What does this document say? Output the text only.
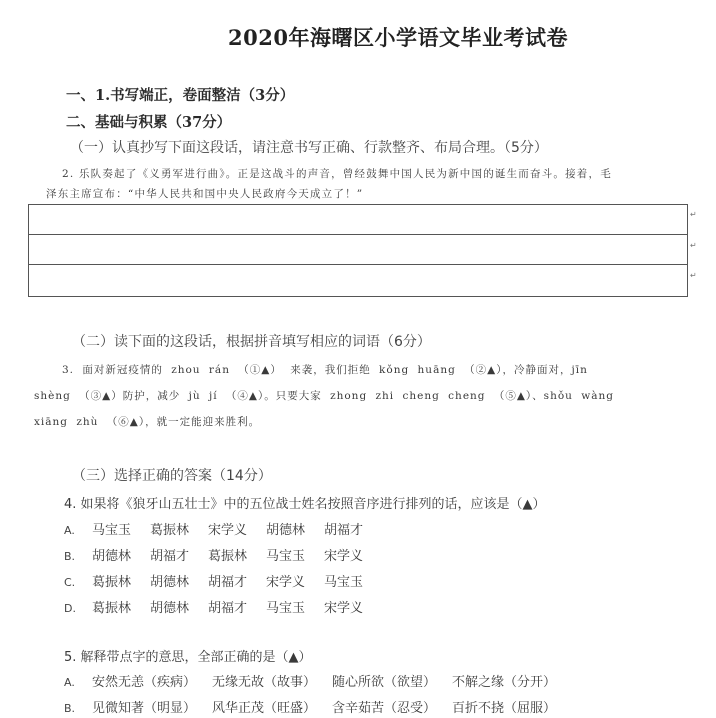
2020年海曙区小学语文毕业考试卷
一、1.书写端正，卷面整洁（3分）
二、基础与积累（37分）
（一）认真抄写下面这段话，请注意书写正确、行款整齐、布局合理。（5分）
2. 乐队奏起了《义勇军进行曲》。正是这战斗的声音，曾经鼓舞中国人民为新中国的诞生而奋斗。接着，毛
泽东主席宣布：“中华人民共和国中央人民政府今天成立了！”
↵
↵
↵
（二）读下面的这段话，根据拼音填写相应的词语（6分）
3. 面对新冠疫情的 zhou rán （①▲） 来袭，我们拒绝 kǒng huāng （②▲），冷静面对，jīn
shèng （③▲）防护，减少 jù jí （④▲）。只要大家 zhong zhi cheng cheng （⑤▲）、shǒu wàng
xiāng zhù （⑥▲），就一定能迎来胜利。
（三）选择正确的答案（14分）
4. 如果将《狼牙山五壮士》中的五位战士姓名按照音序进行排列的话，应该是（▲）
A. 马宝玉 葛振林 宋学义 胡德林 胡福才
B. 胡德林 胡福才 葛振林 马宝玉 宋学义
C. 葛振林 胡德林 胡福才 宋学义 马宝玉
D. 葛振林 胡德林 胡福才 马宝玉 宋学义
5. 解释带点字的意思，全部正确的是（▲）
A. 安然无恙（疾病） 无缘无故（故事） 随心所欲（欲望） 不解之缘（分开）
B. 见微知著（明显） 风华正茂（旺盛） 含辛茹苦（忍受） 百折不挠（屈服）
